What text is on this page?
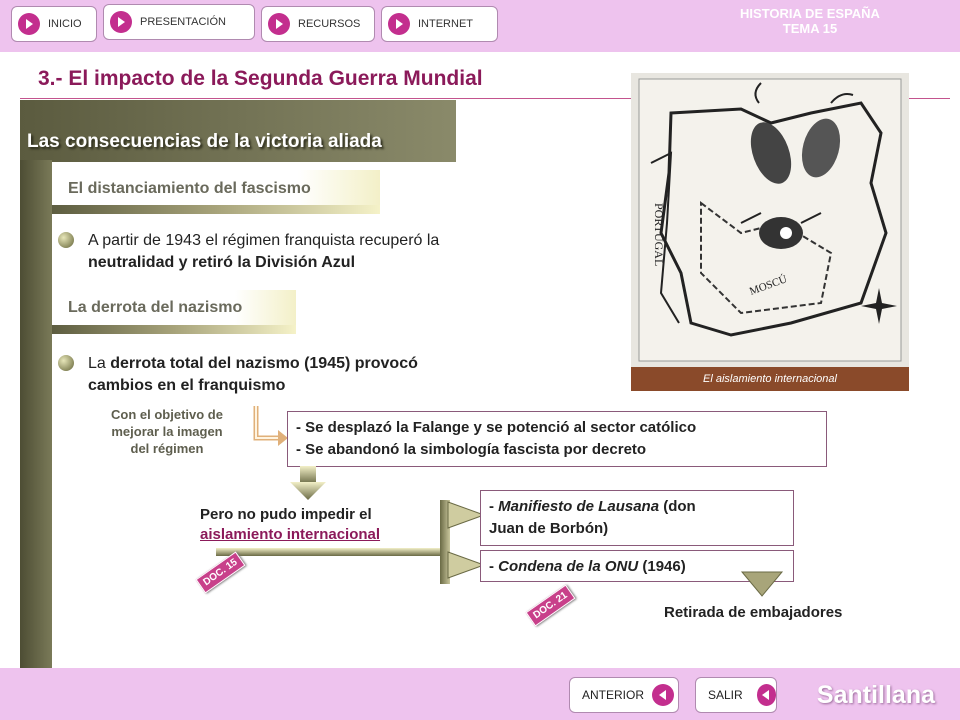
INICIO	PRESENTACIÓN	RECURSOS	INTERNET
HISTORIA DE ESPAÑA
TEMA 15
3.- El impacto de la Segunda Guerra Mundial
Las consecuencias de la victoria aliada
El distanciamiento del fascismo
A partir de 1943 el régimen franquista recuperó la
neutralidad y retiró la División Azul
La derrota del nazismo
La derrota total del nazismo (1945) provocó
cambios en el franquismo
Con el objetivo de
mejorar la imagen
del régimen
- Se desplazó la Falange y se potenció al sector católico
- Se abandonó la simbología fascista por decreto
Pero no pudo impedir el
aislamiento internacional
DOC. 15
- Manifiesto de Lausana (don
Juan de Borbón)
- Condena de la ONU (1946)
DOC. 21	Retirada de embajadores
PORTUGAL
MOSCÚ
El aislamiento internacional
ANTERIOR	SALIR	Santillana
